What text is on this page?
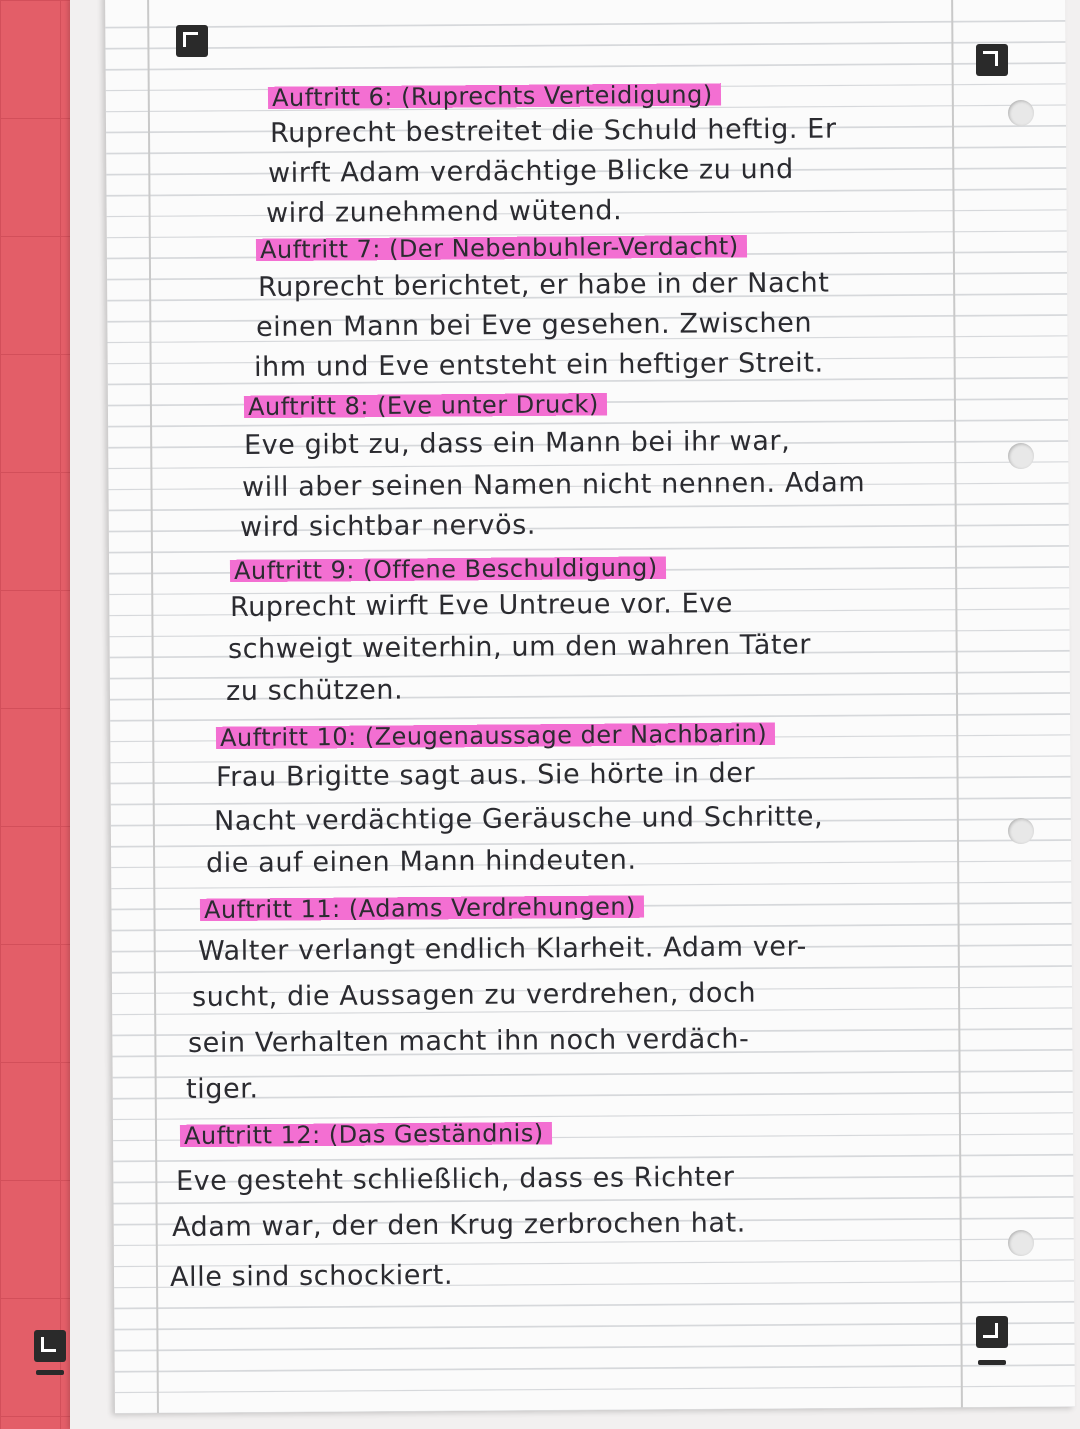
Auftritt 6: (Ruprechts Verteidigung)

Ruprecht bestreitet die Schuld heftig. Er

wirft Adam verdächtige Blicke zu und

wird zunehmend wütend.

Auftritt 7: (Der Nebenbuhler-Verdacht)

Ruprecht berichtet, er habe in der Nacht

einen Mann bei Eve gesehen. Zwischen

ihm und Eve entsteht ein heftiger Streit.

Auftritt 8: (Eve unter Druck)

Eve gibt zu, dass ein Mann bei ihr war,

will aber seinen Namen nicht nennen. Adam

wird sichtbar nervös.

Auftritt 9: (Offene Beschuldigung)

Ruprecht wirft Eve Untreue vor. Eve

schweigt weiterhin, um den wahren Täter

zu schützen.

Auftritt 10: (Zeugenaussage der Nachbarin)

Frau Brigitte sagt aus. Sie hörte in der

Nacht verdächtige Geräusche und Schritte,

die auf einen Mann hindeuten.

Auftritt 11: (Adams Verdrehungen)

Walter verlangt endlich Klarheit. Adam ver-

sucht, die Aussagen zu verdrehen, doch

sein Verhalten macht ihn noch verdäch-

tiger.

Auftritt 12: (Das Geständnis)

Eve gesteht schließlich, dass es Richter

Adam war, der den Krug zerbrochen hat.

Alle sind schockiert.
